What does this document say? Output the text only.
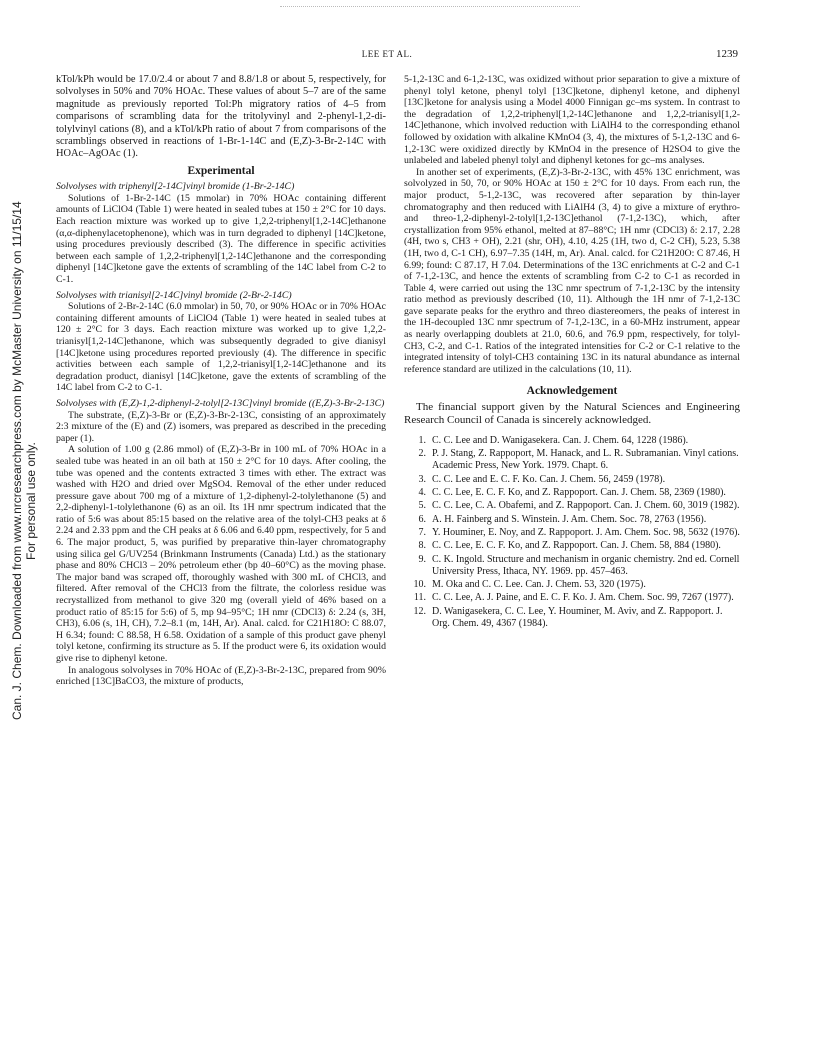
LEE ET AL.	1239
Can. J. Chem. Downloaded from www.nrcresearchpress.com by McMaster University on 11/15/14 For personal use only.

kTol/kPh would be 17.0/2.4 or about 7 and 8.8/1.8 or about 5, respectively, for solvolyses in 50% and 70% HOAc. These values of about 5–7 are of the same magnitude as previously reported Tol:Ph migratory ratios of 4–5 from comparisons of scrambling data for the tritolyvinyl and 2-phenyl-1,2-di-tolylvinyl cations (8), and a kTol/kPh ratio of about 7 from comparisons of the scramblings observed in reactions of 1-Br-1-14C and (E,Z)-3-Br-2-14C with HOAc–AgOAc (1).

Experimental

Solvolyses with triphenyl[2-14C]vinyl bromide (1-Br-2-14C)

Solutions of 1-Br-2-14C (15 mmolar) in 70% HOAc containing different amounts of LiClO4 (Table 1) were heated in sealed tubes at 150 ± 2°C for 10 days. Each reaction mixture was worked up to give 1,2,2-triphenyl[1,2-14C]ethanone (α,α-diphenylacetophenone), which was in turn degraded to diphenyl [14C]ketone, using procedures previously described (3). The difference in specific activities between each sample of 1,2,2-triphenyl[1,2-14C]ethanone and the corresponding diphenyl [14C]ketone gave the extents of scrambling of the 14C label from C-2 to C-1.

Solvolyses with trianisyl[2-14C]vinyl bromide (2-Br-2-14C)

Solutions of 2-Br-2-14C (6.0 mmolar) in 50, 70, or 90% HOAc or in 70% HOAc containing different amounts of LiClO4 (Table 1) were heated in sealed tubes at 120 ± 2°C for 3 days. Each reaction mixture was worked up to give 1,2,2-trianisyl[1,2-14C]ethanone, which was subsequently degraded to give dianisyl [14C]ketone using procedures reported previously (4). The difference in specific activities between each sample of 1,2,2-trianisyl[1,2-14C]ethanone and its degradation product, dianisyl [14C]ketone, gave the extents of scrambling of the 14C label from C-2 to C-1.

Solvolyses with (E,Z)-1,2-diphenyl-2-tolyl[2-13C]vinyl bromide ((E,Z)-3-Br-2-13C)

The substrate, (E,Z)-3-Br or (E,Z)-3-Br-2-13C, consisting of an approximately 2:3 mixture of the (E) and (Z) isomers, was prepared as described in the preceding paper (1).

A solution of 1.00 g (2.86 mmol) of (E,Z)-3-Br in 100 mL of 70% HOAc in a sealed tube was heated in an oil bath at 150 ± 2°C for 10 days. After cooling, the tube was opened and the contents extracted 3 times with ether. The extract was washed with H2O and dried over MgSO4. Removal of the ether under reduced pressure gave about 700 mg of a mixture of 1,2-diphenyl-2-tolylethanone (5) and 2,2-diphenyl-1-tolylethanone (6) as an oil. Its 1H nmr spectrum indicated that the ratio of 5:6 was about 85:15 based on the relative area of the tolyl-CH3 peaks at δ 2.24 and 2.33 ppm and the CH peaks at δ 6.06 and 6.40 ppm, respectively, for 5 and 6. The major product, 5, was purified by preparative thin-layer chromatography using silica gel G/UV254 (Brinkmann Instruments (Canada) Ltd.) as the stationary phase and 80% CHCl3 – 20% petroleum ether (bp 40–60°C) as the moving phase. The major band was scraped off, thoroughly washed with 300 mL of CHCl3, and filtered. After removal of the CHCl3 from the filtrate, the colorless residue was recrystallized from methanol to give 320 mg (overall yield of 46% based on a product ratio of 85:15 for 5:6) of 5, mp 94–95°C; 1H nmr (CDCl3) δ: 2.24 (s, 3H, CH3), 6.06 (s, 1H, CH), 7.2–8.1 (m, 14H, Ar). Anal. calcd. for C21H18O: C 88.07, H 6.34; found: C 88.58, H 6.58. Oxidation of a sample of this product gave phenyl tolyl ketone, confirming its structure as 5. If the product were 6, its oxidation would give rise to diphenyl ketone.

In analogous solvolyses in 70% HOAc of (E,Z)-3-Br-2-13C, prepared from 90% enriched [13C]BaCO3, the mixture of products,

5-1,2-13C and 6-1,2-13C, was oxidized without prior separation to give a mixture of phenyl tolyl ketone, phenyl tolyl [13C]ketone, diphenyl ketone, and diphenyl [13C]ketone for analysis using a Model 4000 Finnigan gc–ms system. In contrast to the degradation of 1,2,2-triphenyl[1,2-14C]ethanone and 1,2,2-trianisyl[1,2-14C]ethanone, which involved reduction with LiAlH4 to the corresponding ethanol followed by oxidation with alkaline KMnO4 (3, 4), the mixtures of 5-1,2-13C and 6-1,2-13C were oxidized directly by KMnO4 in the presence of H2SO4 to give the unlabeled and labeled phenyl tolyl and diphenyl ketones for gc–ms analyses.

In another set of experiments, (E,Z)-3-Br-2-13C, with 45% 13C enrichment, was solvolyzed in 50, 70, or 90% HOAc at 150 ± 2°C for 10 days. From each run, the major product, 5-1,2-13C, was recovered after separation by thin-layer chromatography and then reduced with LiAlH4 (3, 4) to give a mixture of erythro- and threo-1,2-diphenyl-2-tolyl[1,2-13C]ethanol (7-1,2-13C), which, after crystallization from 95% ethanol, melted at 87–88°C; 1H nmr (CDCl3) δ: 2.17, 2.28 (4H, two s, CH3 + OH), 2.21 (shr, OH), 4.10, 4.25 (1H, two d, C-2 CH), 5.23, 5.38 (1H, two d, C-1 CH), 6.97–7.35 (14H, m, Ar). Anal. calcd. for C21H20O: C 87.46, H 6.99; found: C 87.17, H 7.04. Determinations of the 13C enrichments at C-2 and C-1 of 7-1,2-13C, and hence the extents of scrambling from C-2 to C-1 as recorded in Table 4, were carried out using the 13C nmr spectrum of 7-1,2-13C by the intensity ratio method as previously described (10, 11). Although the 1H nmr of 7-1,2-13C gave separate peaks for the erythro and threo diastereomers, the peaks of interest in the 1H-decoupled 13C nmr spectrum of 7-1,2-13C, in a 60-MHz instrument, appear as nearly overlapping doublets at 21.0, 60.6, and 76.9 ppm, respectively, for tolyl-CH3, C-2, and C-1. Ratios of the integrated intensities for C-2 or C-1 relative to the integrated intensity of tolyl-CH3 containing 13C in its natural abundance as internal reference standard are utilized in the calculations (10, 11).

Acknowledgement

The financial support given by the Natural Sciences and Engineering Research Council of Canada is sincerely acknowledged.

1. C. C. Lee and D. Wanigasekera. Can. J. Chem. 64, 1228 (1986).
2. P. J. Stang, Z. Rappoport, M. Hanack, and L. R. Subramanian. Vinyl cations. Academic Press, New York. 1979. Chapt. 6.
3. C. C. Lee and E. C. F. Ko. Can. J. Chem. 56, 2459 (1978).
4. C. C. Lee, E. C. F. Ko, and Z. Rappoport. Can. J. Chem. 58, 2369 (1980).
5. C. C. Lee, C. A. Obafemi, and Z. Rappoport. Can. J. Chem. 60, 3019 (1982).
6. A. H. Fainberg and S. Winstein. J. Am. Chem. Soc. 78, 2763 (1956).
7. Y. Houminer, E. Noy, and Z. Rappoport. J. Am. Chem. Soc. 98, 5632 (1976).
8. C. C. Lee, E. C. F. Ko, and Z. Rappoport. Can. J. Chem. 58, 884 (1980).
9. C. K. Ingold. Structure and mechanism in organic chemistry. 2nd ed. Cornell University Press, Ithaca, NY. 1969. pp. 457–463.
10. M. Oka and C. C. Lee. Can. J. Chem. 53, 320 (1975).
11. C. C. Lee, A. J. Paine, and E. C. F. Ko. J. Am. Chem. Soc. 99, 7267 (1977).
12. D. Wanigasekera, C. C. Lee, Y. Houminer, M. Aviv, and Z. Rappoport. J. Org. Chem. 49, 4367 (1984).
